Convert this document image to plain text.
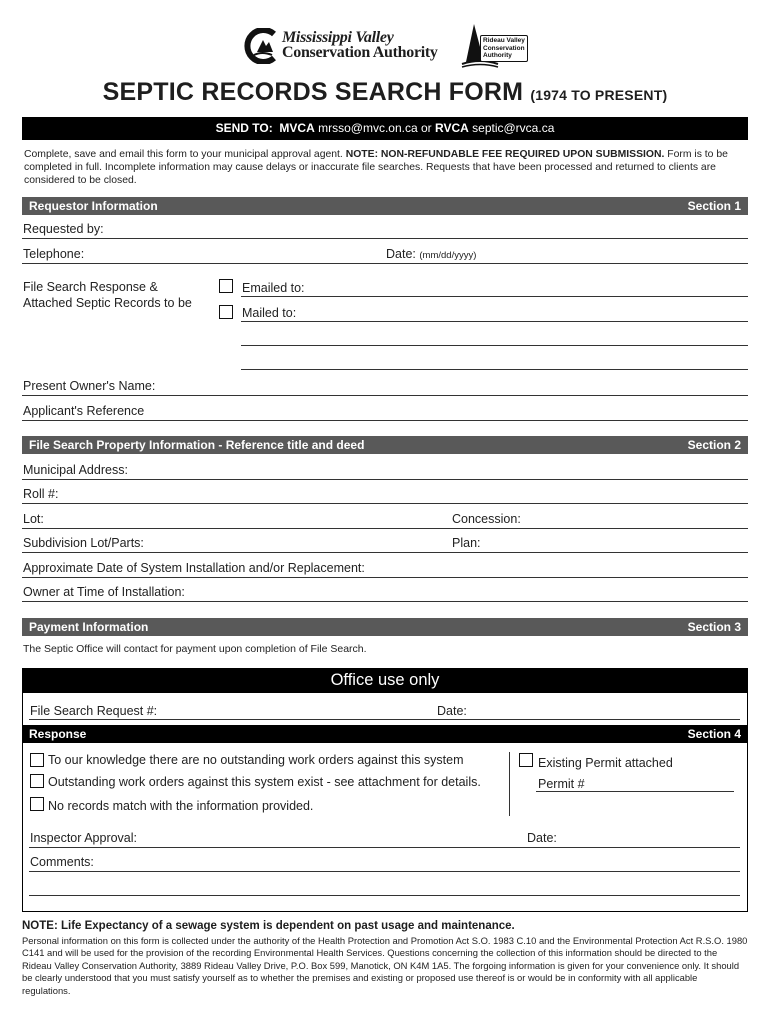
Mississippi Valley
Conservation Authority
Rideau Valley
Conservation
Authority
SEPTIC RECORDS SEARCH FORM (1974 TO PRESENT)
SEND TO: MVCA mrsso@mvc.on.ca or RVCA septic@rvca.ca
Complete, save and email this form to your municipal approval agent. NOTE: NON-REFUNDABLE FEE REQUIRED UPON SUBMISSION. Form is to be completed in full. Incomplete information may cause delays or inaccurate file searches. Requests that have been processed and returned to clients are considered to be closed.
Requestor Information	Section 1
Requested by:
Telephone:	Date: (mm/dd/yyyy)
File Search Response &
Attached Septic Records to be
Emailed to:
Mailed to:
Present Owner's Name:
Applicant's Reference
File Search Property Information - Reference title and deed	Section 2
Municipal Address:
Roll #:
Lot:	Concession:
Subdivision Lot/Parts:	Plan:
Approximate Date of System Installation and/or Replacement:
Owner at Time of Installation:
Payment Information	Section 3
The Septic Office will contact for payment upon completion of File Search.
Office use only
File Search Request #:	Date:
Response	Section 4
To our knowledge there are no outstanding work orders against this system
Outstanding work orders against this system exist - see attachment for details.
No records match with the information provided.
Existing Permit attached
Permit #
Inspector Approval:	Date:
Comments:
NOTE: Life Expectancy of a sewage system is dependent on past usage and maintenance.
Personal information on this form is collected under the authority of the Health Protection and Promotion Act S.O. 1983 C.10 and the Environmental Protection Act R.S.O. 1980 C141 and will be used for the provision of the recording Environmental Health Services. Questions concerning the collection of this information should be directed to the Rideau Valley Conservation Authority, 3889 Rideau Valley Drive, P.O. Box 599, Manotick, ON K4M 1A5. The forgoing information is given for your convenience only. It should be clearly understood that you must satisfy yourself as to whether the premises and existing or proposed use thereof is or would be in conformity with all applicable regulations.
